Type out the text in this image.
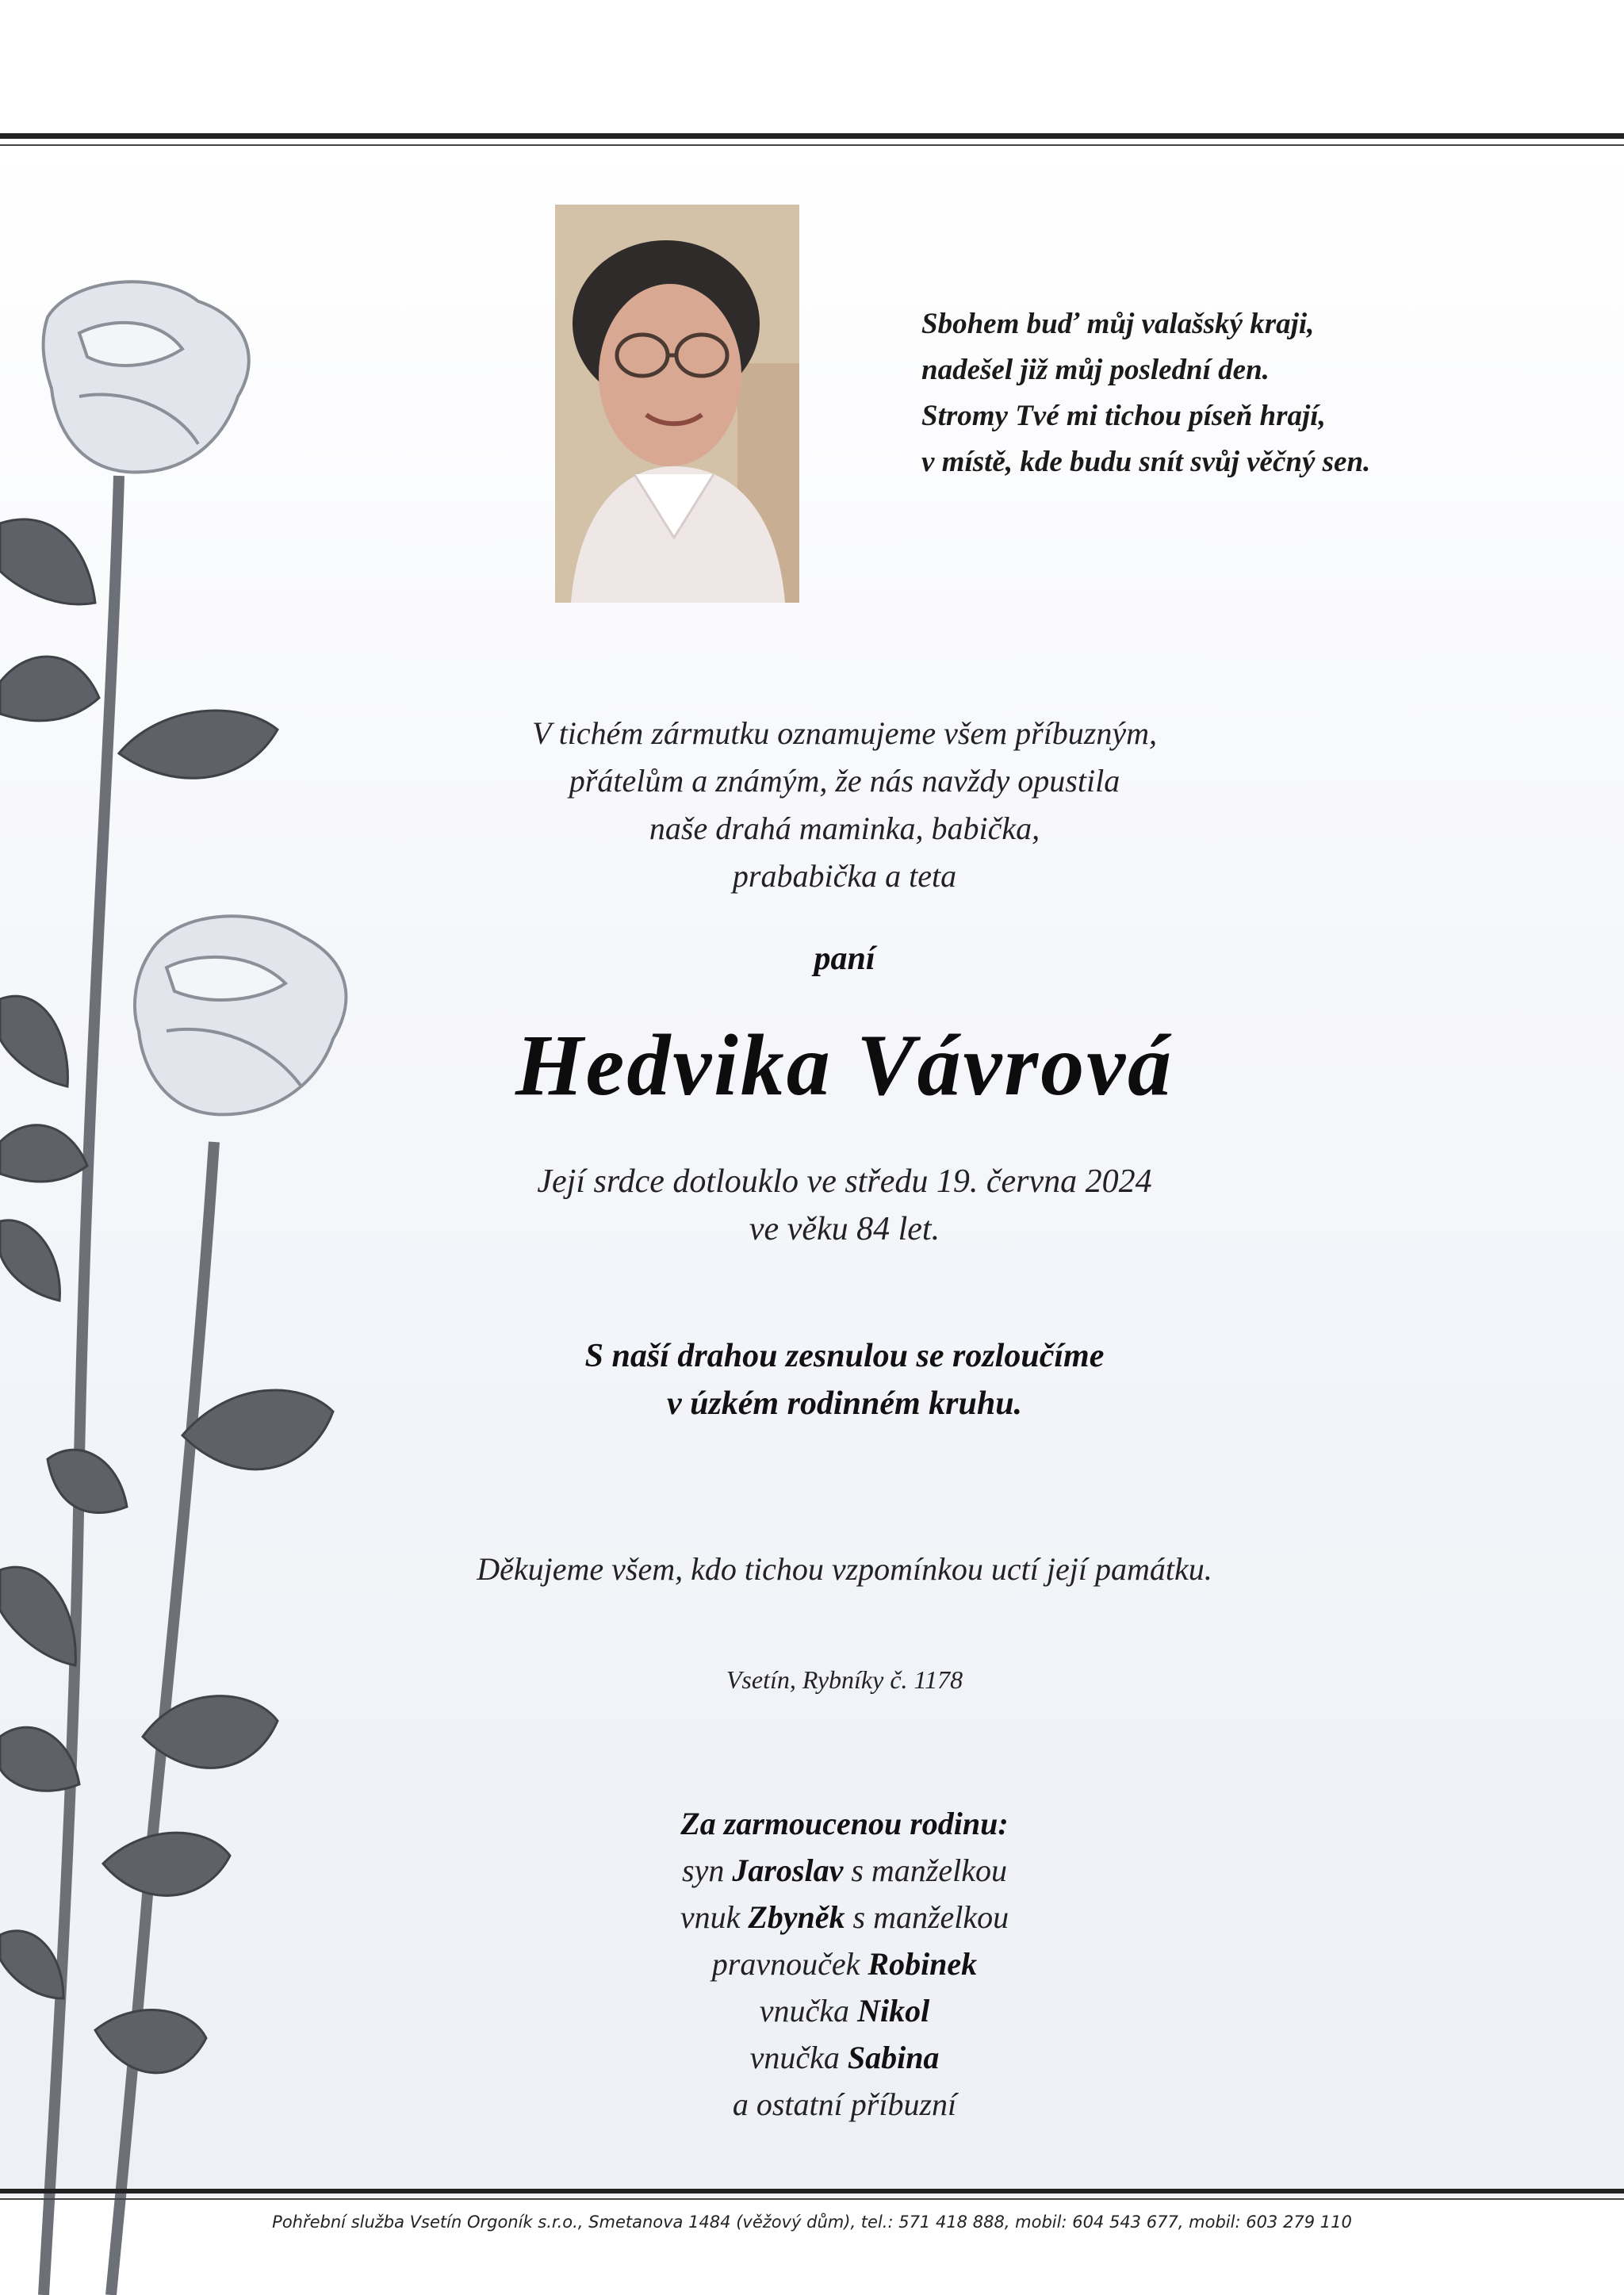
Sbohem buď můj valašský kraji,
nadešel již můj poslední den.
Stromy Tvé mi tichou píseň hrají,
v místě, kde budu snít svůj věčný sen.
V tichém zármutku oznamujeme všem příbuzným,
přátelům a známým, že nás navždy opustila
naše drahá maminka, babička,
prababička a teta
paní
Hedvika Vávrová
Její srdce dotlouklo ve středu 19. června 2024
ve věku 84 let.
S naší drahou zesnulou se rozloučíme
v úzkém rodinném kruhu.
Děkujeme všem, kdo tichou vzpomínkou uctí její památku.
Vsetín, Rybníky č. 1178
Za zarmoucenou rodinu:
syn Jaroslav s manželkou
vnuk Zbyněk s manželkou
pravnouček Robinek
vnučka Nikol
vnučka Sabina
a ostatní příbuzní
Pohřební služba Vsetín Orgoník s.r.o., Smetanova 1484 (věžový dům), tel.: 571 418 888, mobil: 604 543 677, mobil: 603 279 110
